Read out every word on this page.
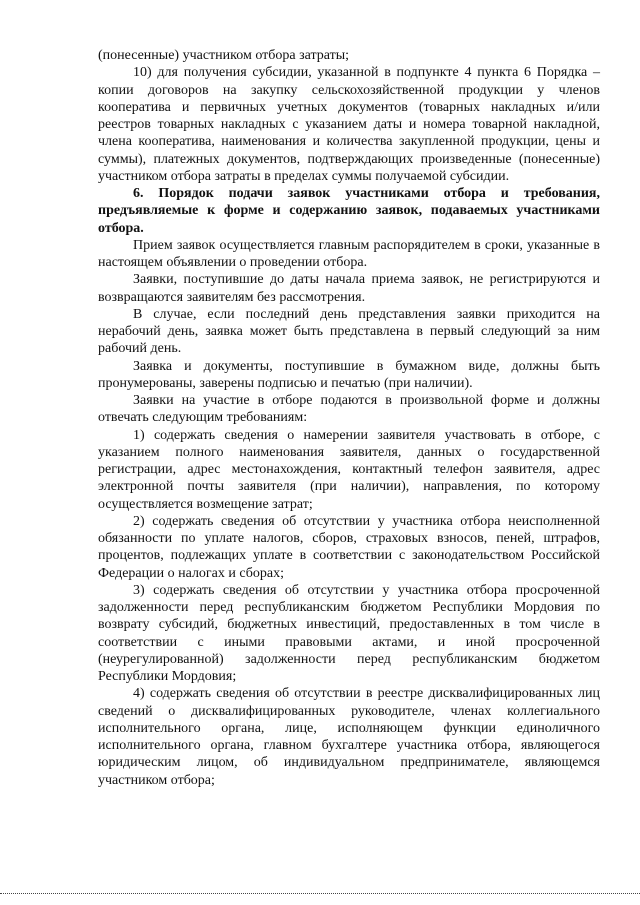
(понесенные) участником отбора затраты;

10) для получения субсидии, указанной в подпункте 4 пункта 6 Порядка – копии договоров на закупку сельскохозяйственной продукции у членов кооператива и первичных учетных документов (товарных накладных и/или реестров товарных накладных с указанием даты и номера товарной накладной, члена кооператива, наименования и количества закупленной продукции, цены и суммы), платежных документов, подтверждающих произведенные (понесенные) участником отбора затраты в пределах суммы получаемой субсидии.

6. Порядок подачи заявок участниками отбора и требования, предъявляемые к форме и содержанию заявок, подаваемых участниками отбора.

Прием заявок осуществляется главным распорядителем в сроки, указанные в настоящем объявлении о проведении отбора.

Заявки, поступившие до даты начала приема заявок, не регистрируются и возвращаются заявителям без рассмотрения.

В случае, если последний день представления заявки приходится на нерабочий день, заявка может быть представлена в первый следующий за ним рабочий день.

Заявка и документы, поступившие в бумажном виде, должны быть пронумерованы, заверены подписью и печатью (при наличии).

Заявки на участие в отборе подаются в произвольной форме и должны отвечать следующим требованиям:

1) содержать сведения о намерении заявителя участвовать в отборе, с указанием полного наименования заявителя, данных о государственной регистрации, адрес местонахождения, контактный телефон заявителя, адрес электронной почты заявителя (при наличии), направления, по которому осуществляется возмещение затрат;

2) содержать сведения об отсутствии у участника отбора неисполненной обязанности по уплате налогов, сборов, страховых взносов, пеней, штрафов, процентов, подлежащих уплате в соответствии с законодательством Российской Федерации о налогах и сборах;

3) содержать сведения об отсутствии у участника отбора просроченной задолженности перед республиканским бюджетом Республики Мордовия по возврату субсидий, бюджетных инвестиций, предоставленных в том числе в соответствии с иными правовыми актами, и иной просроченной (неурегулированной) задолженности перед республиканским бюджетом Республики Мордовия;

4) содержать сведения об отсутствии в реестре дисквалифицированных лиц сведений о дисквалифицированных руководителе, членах коллегиального исполнительного органа, лице, исполняющем функции единоличного исполнительного органа, главном бухгалтере участника отбора, являющегося юридическим лицом, об индивидуальном предпринимателе, являющемся участником отбора;
